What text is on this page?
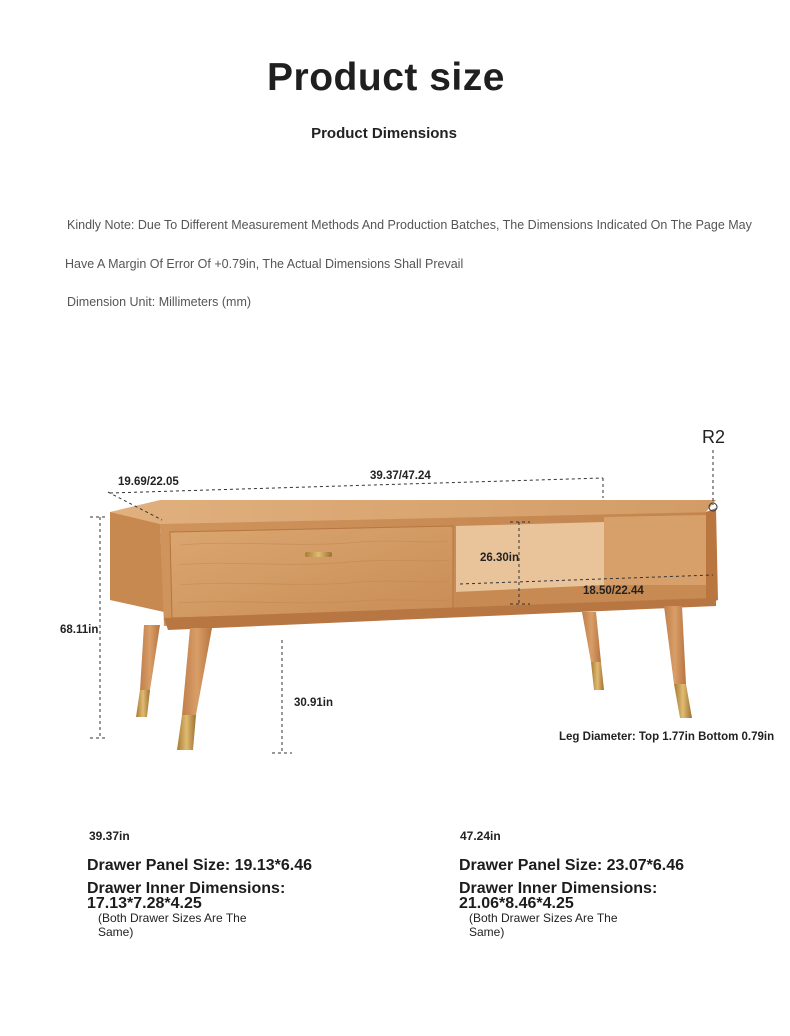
Product size
Product Dimensions
Kindly Note: Due To Different Measurement Methods And Production Batches, The Dimensions Indicated On The Page May
Have A Margin Of Error Of +0.79in, The Actual Dimensions Shall Prevail
Dimension Unit: Millimeters (mm)
R2
19.69/22.05	39.37/47.24
26.30in
18.50/22.44
68.11in
30.91in
Leg Diameter: Top 1.77in Bottom 0.79in
39.37in
Drawer Panel Size: 19.13*6.46
Drawer Inner Dimensions:
17.13*7.28*4.25
(Both Drawer Sizes Are The
Same)
47.24in
Drawer Panel Size: 23.07*6.46
Drawer Inner Dimensions:
21.06*8.46*4.25
(Both Drawer Sizes Are The
Same)
